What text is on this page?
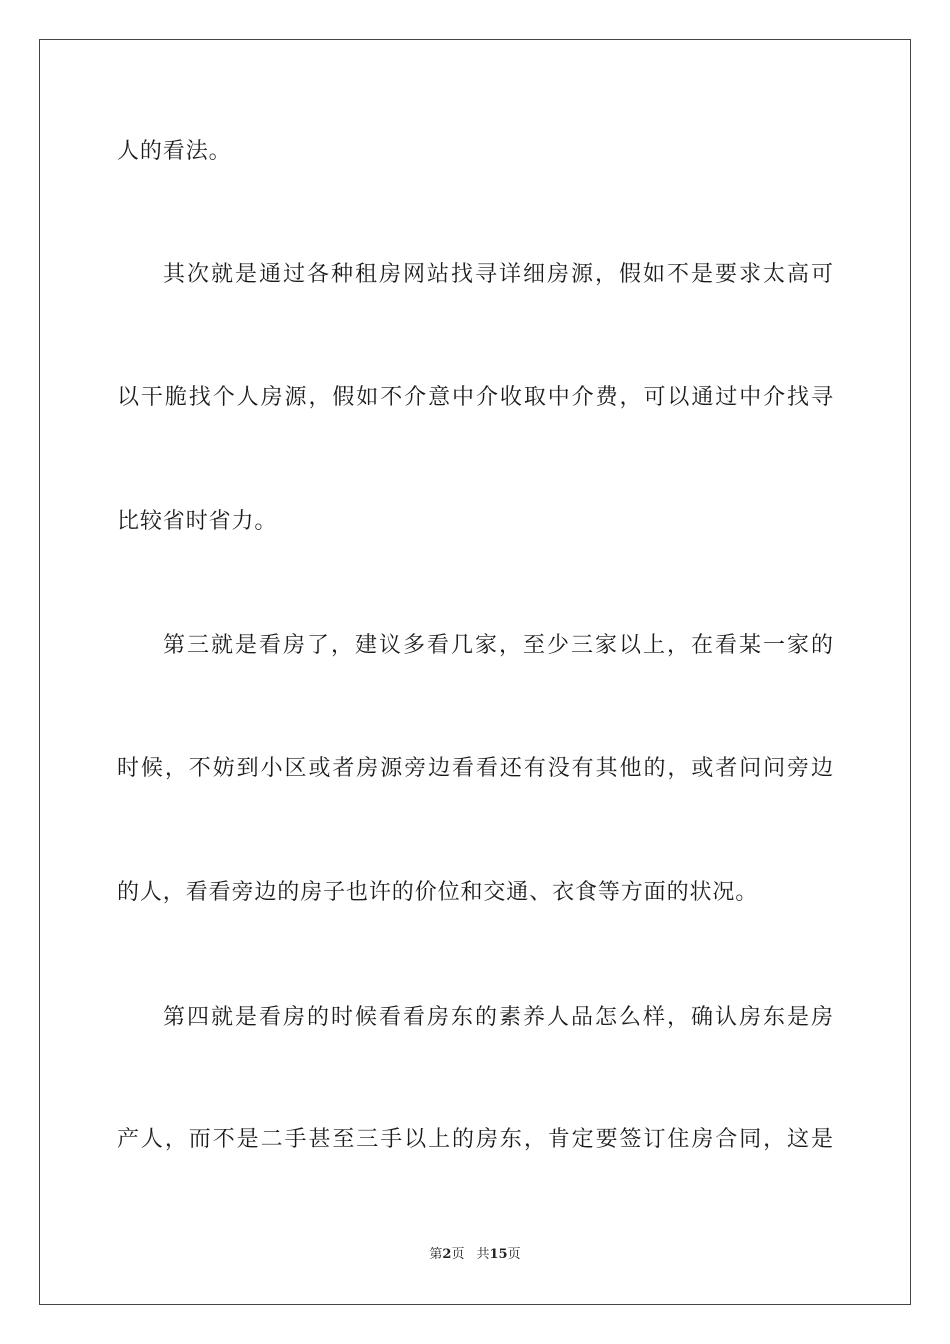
人的看法。
其次就是通过各种租房网站找寻详细房源，假如不是要求太高可
以干脆找个人房源，假如不介意中介收取中介费，可以通过中介找寻
比较省时省力。
第三就是看房了，建议多看几家，至少三家以上，在看某一家的
时候，不妨到小区或者房源旁边看看还有没有其他的，或者问问旁边
的人，看看旁边的房子也许的价位和交通、衣食等方面的状况。
第四就是看房的时候看看房东的素养人品怎么样，确认房东是房
产人，而不是二手甚至三手以上的房东，肯定要签订住房合同，这是
第2页 共15页
